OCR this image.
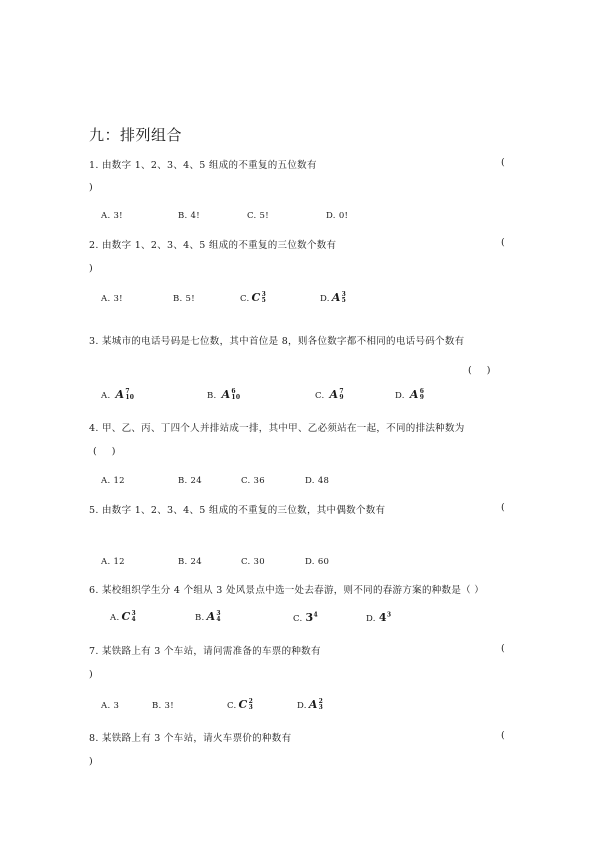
九：排列组合
1. 由数字 1、2、3、4、5 组成的不重复的五位数有	(
)
A. 3!	B. 4!	C. 5!	D. 0!
2. 由数字 1、2、3、4、5 组成的不重复的三位数个数有	(
)
A. 3!	B. 5!	C. C 3
5	D. A 3
5
3. 某城市的电话号码是七位数，其中首位是 8，则各位数字都不相同的电话号码个数有
(     )
A. A 7
10	B. A 6
10	C. A 7
9	D. A 6
9
4. 甲、乙、丙、丁四个人并排站成一排，其中甲、乙必须站在一起，不同的排法种数为
(     )
A. 12	B. 24	C. 36	D. 48
5. 由数字 1、2、3、4、5 组成的不重复的三位数，其中偶数个数有	(
A. 12	B. 24	C. 30	D. 60
6. 某校组织学生分 4 个组从 3 处风景点中选一处去春游，则不同的春游方案的种数是（ ）
A. C 3
4	B. A 3
4	C. $3^4$	D. $4^3$
7. 某铁路上有 3 个车站，请问需准备的车票的种数有	(
)
A. 3	B. 3!	C. C 2
3	D. A 2
3
8. 某铁路上有 3 个车站，请火车票价的种数有	(
)
